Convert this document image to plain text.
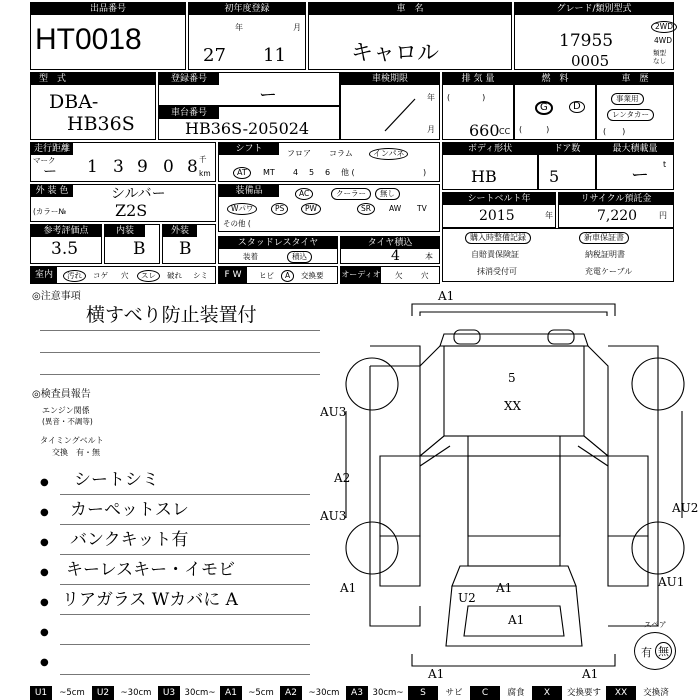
出品番号
HT0018
初年度登録
年	月
27 11
車　名
キャロル
グレード/類別型式
17955
0005
2WD
4WD
類型なし
型　式
DBA-
HB36S
登録番号
ー
車台番号
HB36S-205024
車検期限
年
月
排 気 量
(　　　　)
660 CC
燃　料
G	D
(　　　)
車　歴
事業用
レンタカー
(　　)
走行距離
マーク
ー 1 3 9 0 8 千
km
シフト	フロア コラム	インパネ
AT	MT 4 5 6 他 (	)
ボディ形状
HB
ドア数
5
最大積載量
ー
t
外 装 色	シルバー
(カラー№	Z2S
装備品	AC	クーラー	無し
Wパワ	PS	PW	SR	AW TV
その他 (
シートベルト年
2015	年
リサイクル預託金
7,220	円
参考評価点
3.5
内装
B
外装
B	スタッドレスタイヤ
装着	積込
タイヤ積込
4	本
購入時整備記録	新車保証書
自賠責保険証	納税証明書
抹消受付可	充電ケーブル
室内	汚れ	コゲ 穴	スレ	破れ シミ	F W	ヒビ	A	交換要 オーディオ 欠 穴
◎注意事項
横すべり防止装置付
◎検査員報告
エンジン関係
(異音・不調等)
タイミングベルト
交換　有・無
● シートシミ
● カーペットスレ
● バンクキット有
● キーレスキー・イモビ
● リアガラス Wカバに A
●
●
A1
5
XX
AU3
A2
AU3
A1	A1
U2
A1
A1
AU2
AU1
A1
スペア
有 無
U1	~5cm	U2	~30cm	U3	30cm~	A1	~5cm	A2	~30cm	A3	30cm~	S	サビ	C	腐食	X	交換要す	XX	交換済
